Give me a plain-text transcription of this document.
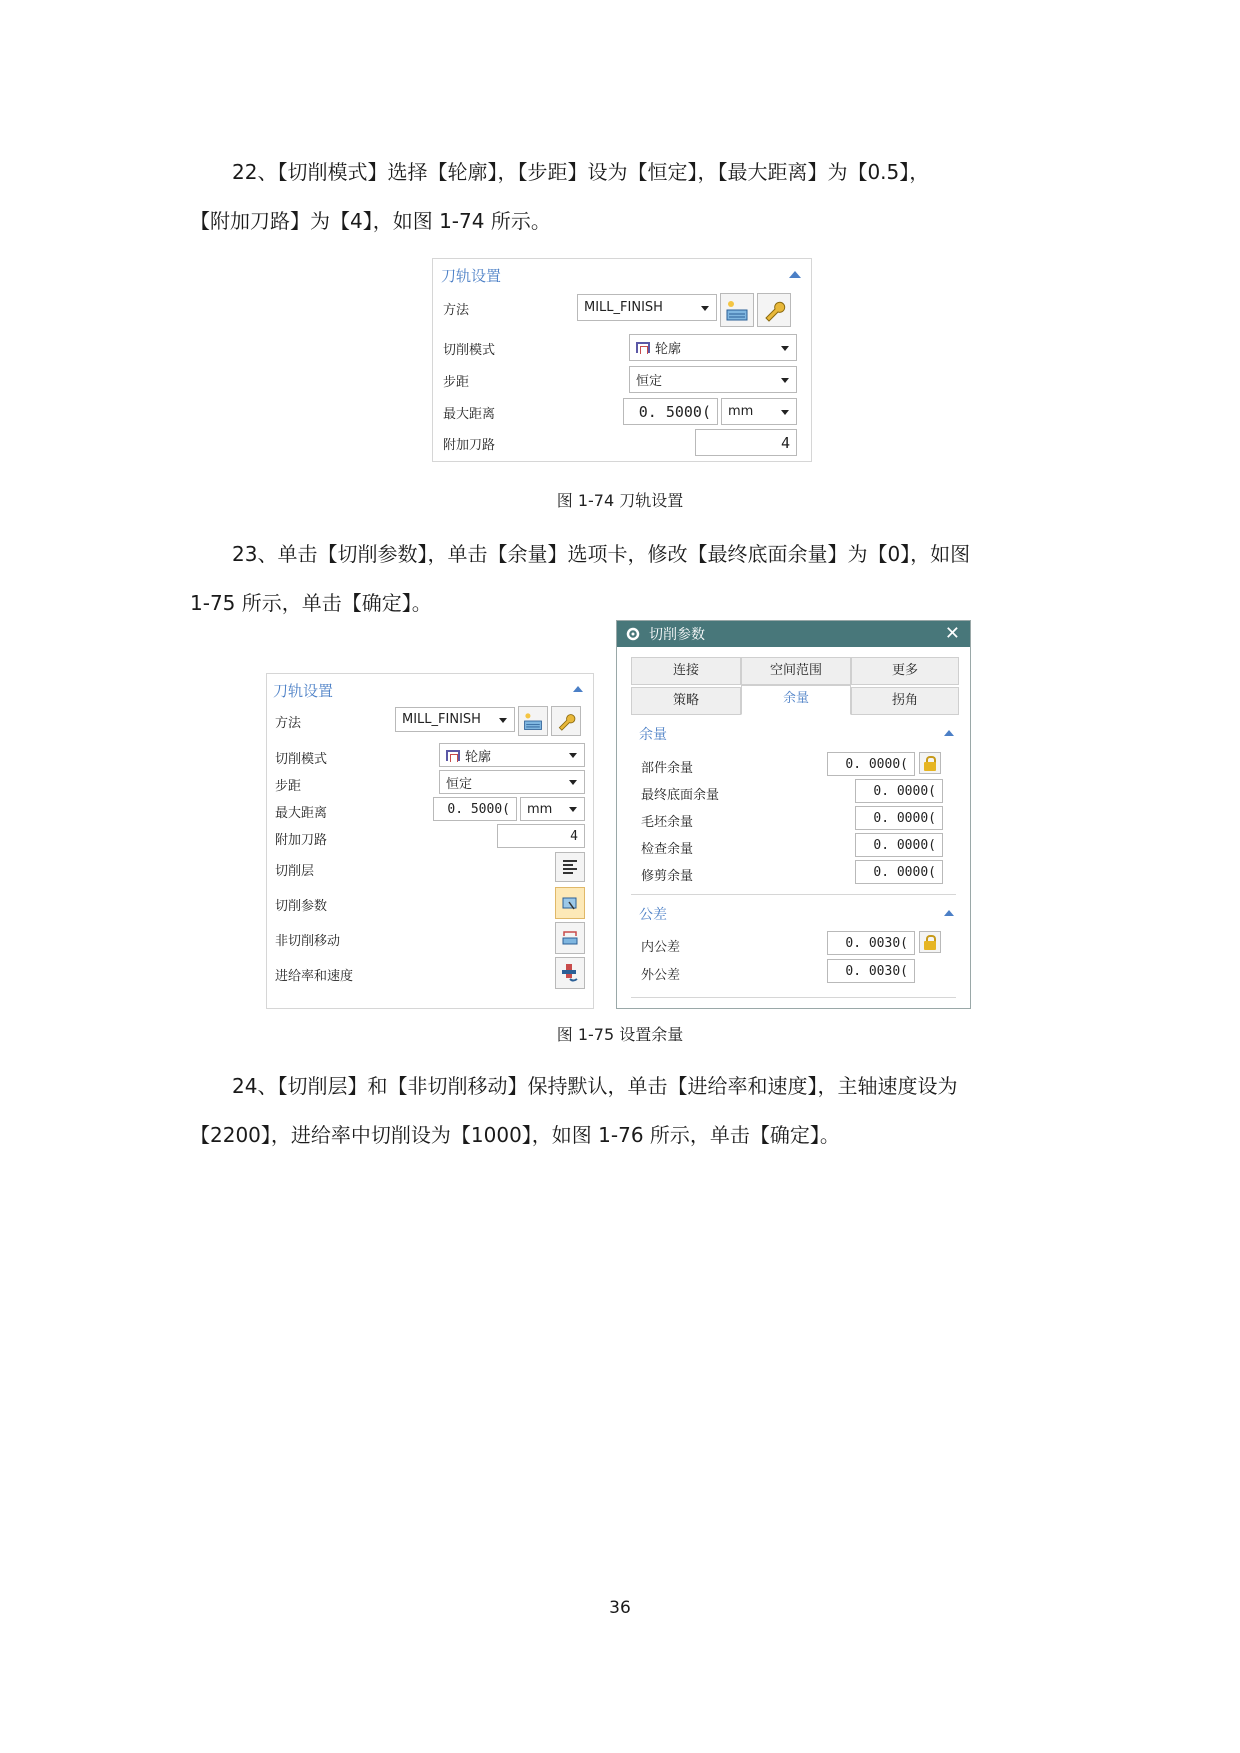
22、【切削模式】选择【轮廓】，【步距】设为【恒定】，【最大距离】为【0.5】，

【附加刀路】为【4】，如图 1-74 所示。

刀轨设置
方法	MILL_FINISH
切削模式	轮廓
步距	恒定
最大距离	0. 5000( mm
附加刀路	4
图 1-74 刀轨设置

23、单击【切削参数】，单击【余量】选项卡，修改【最终底面余量】为【0】，如图

1-75 所示，单击【确定】。

刀轨设置
方法	MILL_FINISH
切削模式	轮廓
步距	恒定
最大距离	0. 5000( mm
附加刀路	4
切削层
切削参数
非切削移动
进给率和速度
切削参数	✕
连接	空间范围	更多
策略	余量	拐角
余量
部件余量	0. 0000(
最终底面余量	0. 0000(
毛坯余量	0. 0000(
检查余量	0. 0000(
修剪余量	0. 0000(
公差
内公差	0. 0030(
外公差	0. 0030(
图 1-75 设置余量

24、【切削层】和【非切削移动】保持默认，单击【进给率和速度】，主轴速度设为

【2200】，进给率中切削设为【1000】，如图 1-76 所示，单击【确定】。

36
